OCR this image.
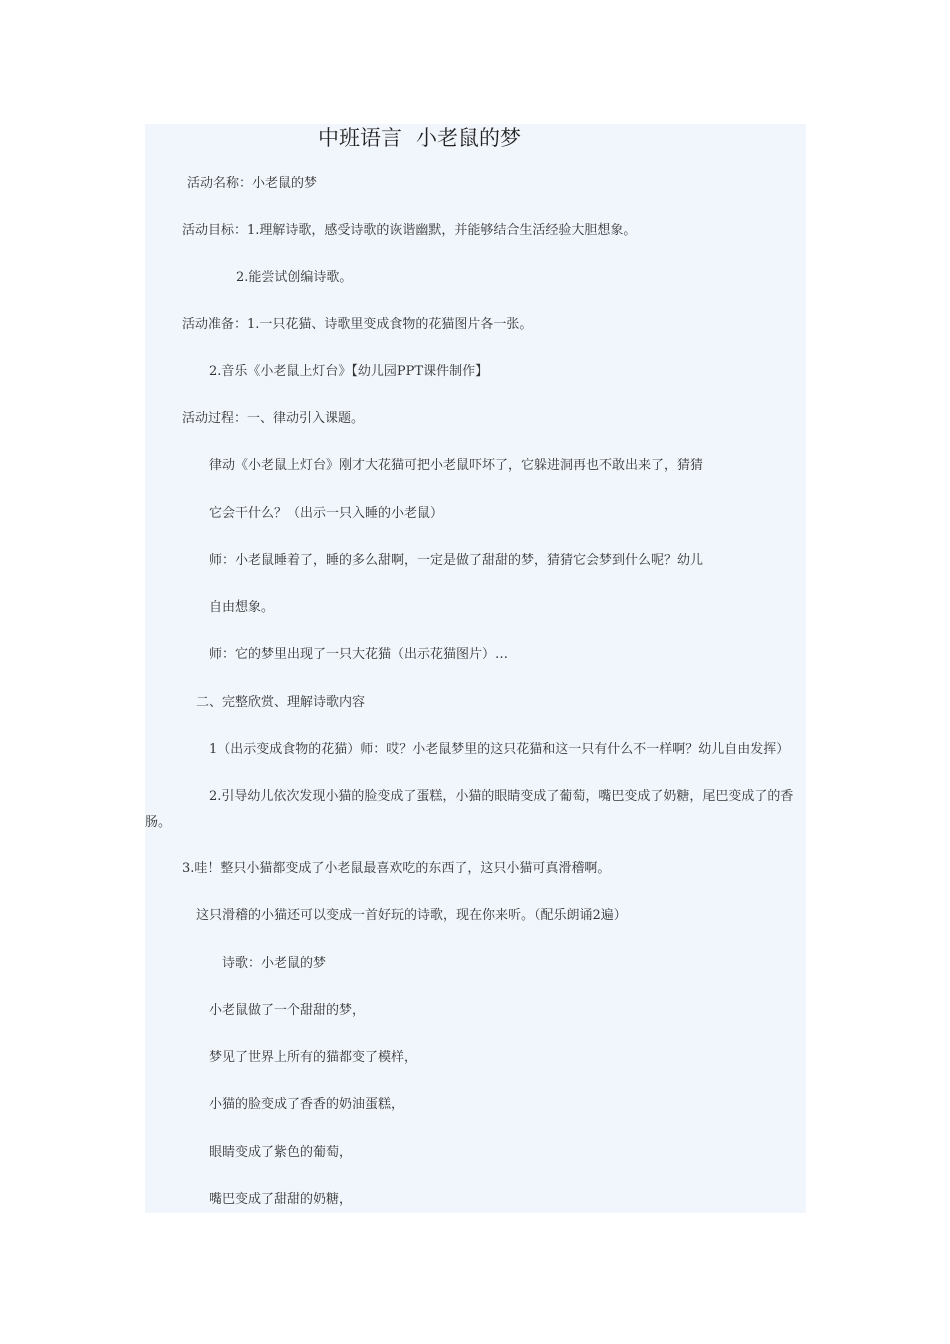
中班语言 小老鼠的梦
活动名称：小老鼠的梦
活动目标：1.理解诗歌，感受诗歌的诙谐幽默，并能够结合生活经验大胆想象。
2.能尝试创编诗歌。
活动准备：1.一只花猫、诗歌里变成食物的花猫图片各一张。
2.音乐《小老鼠上灯台》【幼儿园PPT课件制作】
活动过程：一、律动引入课题。
律动《小老鼠上灯台》刚才大花猫可把小老鼠吓坏了，它躲进洞再也不敢出来了，猜猜
它会干什么？（出示一只入睡的小老鼠）
师：小老鼠睡着了，睡的多么甜啊，一定是做了甜甜的梦，猜猜它会梦到什么呢？幼儿
自由想象。
师：它的梦里出现了一只大花猫（出示花猫图片）…
二、完整欣赏、理解诗歌内容
1（出示变成食物的花猫）师：哎？小老鼠梦里的这只花猫和这一只有什么不一样啊？幼儿自由发挥）
2.引导幼儿依次发现小猫的脸变成了蛋糕，小猫的眼睛变成了葡萄，嘴巴变成了奶糖，尾巴变成了的香
肠。
3.哇！整只小猫都变成了小老鼠最喜欢吃的东西了，这只小猫可真滑稽啊。
这只滑稽的小猫还可以变成一首好玩的诗歌，现在你来听。（配乐朗诵2遍）
诗歌：小老鼠的梦
小老鼠做了一个甜甜的梦，
梦见了世界上所有的猫都变了模样，
小猫的脸变成了香香的奶油蛋糕，
眼睛变成了紫色的葡萄，
嘴巴变成了甜甜的奶糖，
